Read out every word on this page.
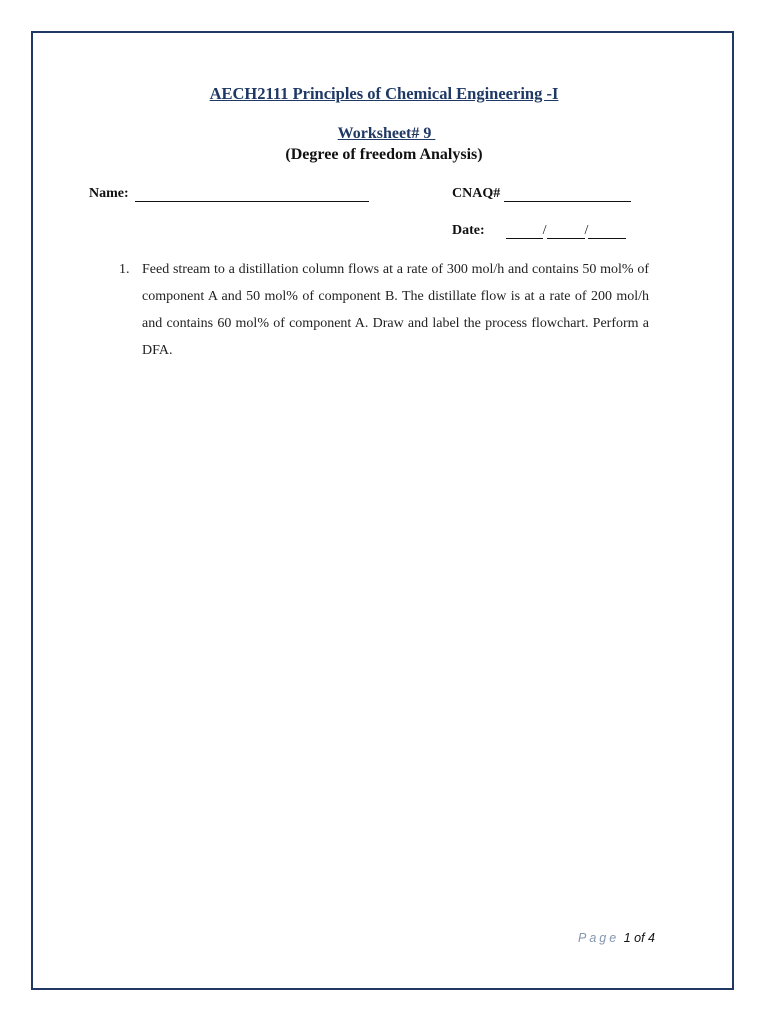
AECH2111 Principles of Chemical Engineering -I
Worksheet# 9
(Degree of freedom Analysis)
Name:	CNAQ#
Date:	/	/
1. Feed stream to a distillation column flows at a rate of 300 mol/h and contains 50 mol% of component A and 50 mol% of component B. The distillate flow is at a rate of 200 mol/h and contains 60 mol% of component A. Draw and label the process flowchart. Perform a DFA.
Page 1 of 4
